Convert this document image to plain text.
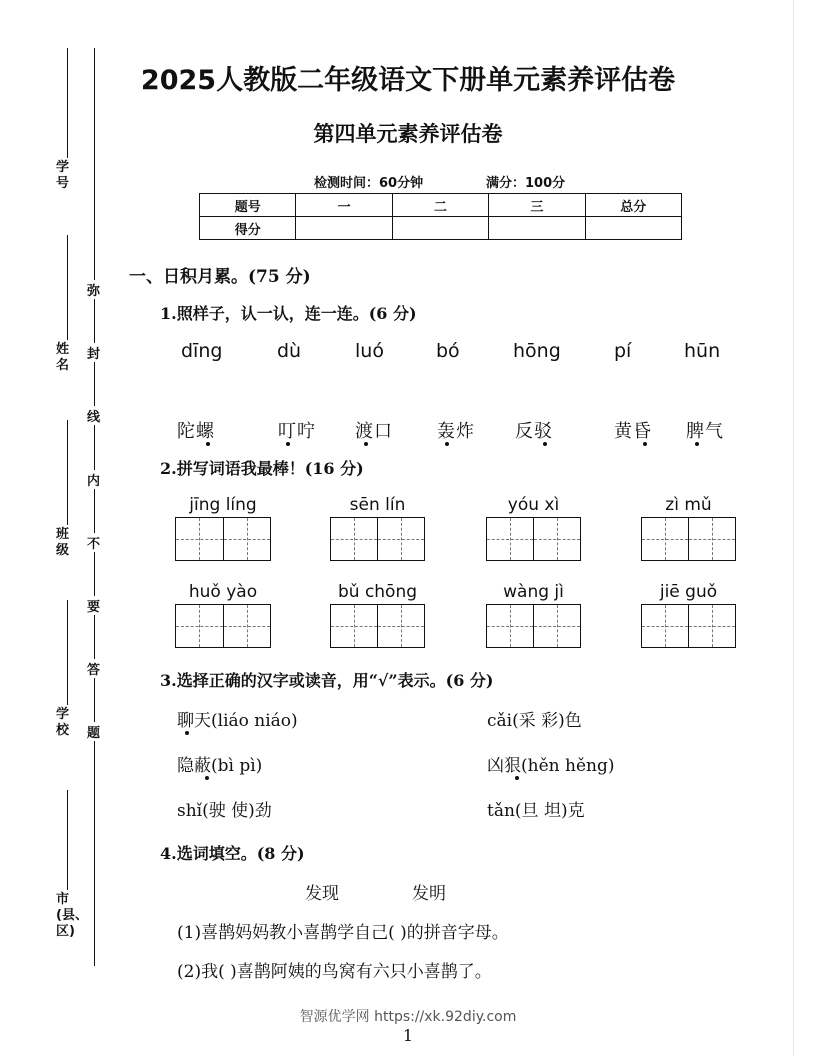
学号
姓名
班级
学校
市(县、区)
弥
封
线
内
不
要
答
题
2025人教版二年级语文下册单元素养评估卷
第四单元素养评估卷
检测时间：60分钟	满分：100分
题号	一	二	三	总分
得分				
一、日积月累。(75 分)
1.照样子，认一认，连一连。(6 分)
dīng	dù	luó	bó	hōng	pí	hūn
陀螺	叮咛 渡口 轰炸 反驳	黄昏 脾气
2.拼写词语我最棒！(16 分)
jīng líng	sēn lín	yóu xì	zì mǔ
huǒ yào	bǔ chōng	wàng jì	jiē guǒ
3.选择正确的汉字或读音，用“√”表示。(6 分)
聊天(liáo niáo)	cǎi(采 彩)色
隐蔽(bì pì)	凶狠(hěn hěng)
shǐ(驶 使)劲	tǎn(旦 坦)克
4.选词填空。(8 分)
发现	发明
(1)喜鹊妈妈教小喜鹊学自己( )的拼音字母。
(2)我( )喜鹊阿姨的鸟窝有六只小喜鹊了。
智源优学网 https://xk.92diy.com
1
